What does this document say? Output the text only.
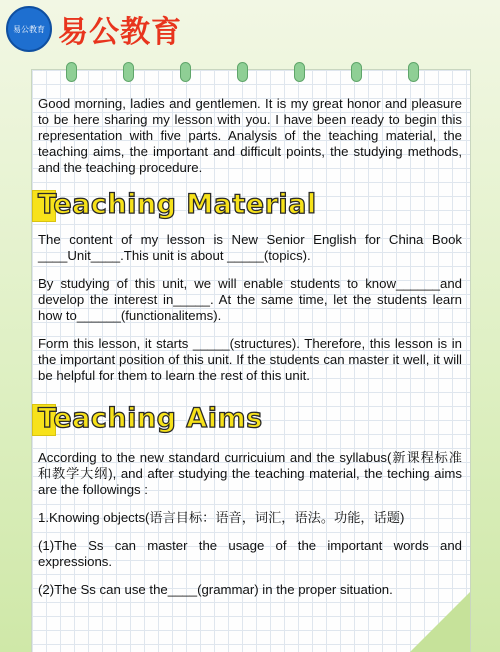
易公教育 易公教育

Good morning, ladies and gentlemen. It is my great honor and pleasure to be here sharing my lesson with you. I have been ready to begin this representation with five parts. Analysis of the teaching material, the teaching aims, the important and difficult points, the studying methods, and the teaching procedure.

Teaching Material

The content of my lesson is New Senior English for China Book ____Unit____.This unit is about _____(topics).

By studying of this unit, we will enable students to know______and develop the interest in_____. At the same time, let the students learn how to______(functionalitems).

Form this lesson, it starts _____(structures). Therefore, this lesson is in the important position of this unit. If the students can master it well, it will be helpful for them to learn the rest of this unit.

Teaching Aims

According to the new standard curricuium and the syllabus(新课程标准和教学大纲), and after studying the teaching material, the teching aims are the followings :

1.Knowing objects(语言目标：语音，词汇，语法。功能，话题)

(1)The Ss can master the usage of the important words and expressions.

(2)The Ss can use the____(grammar) in the proper situation.
